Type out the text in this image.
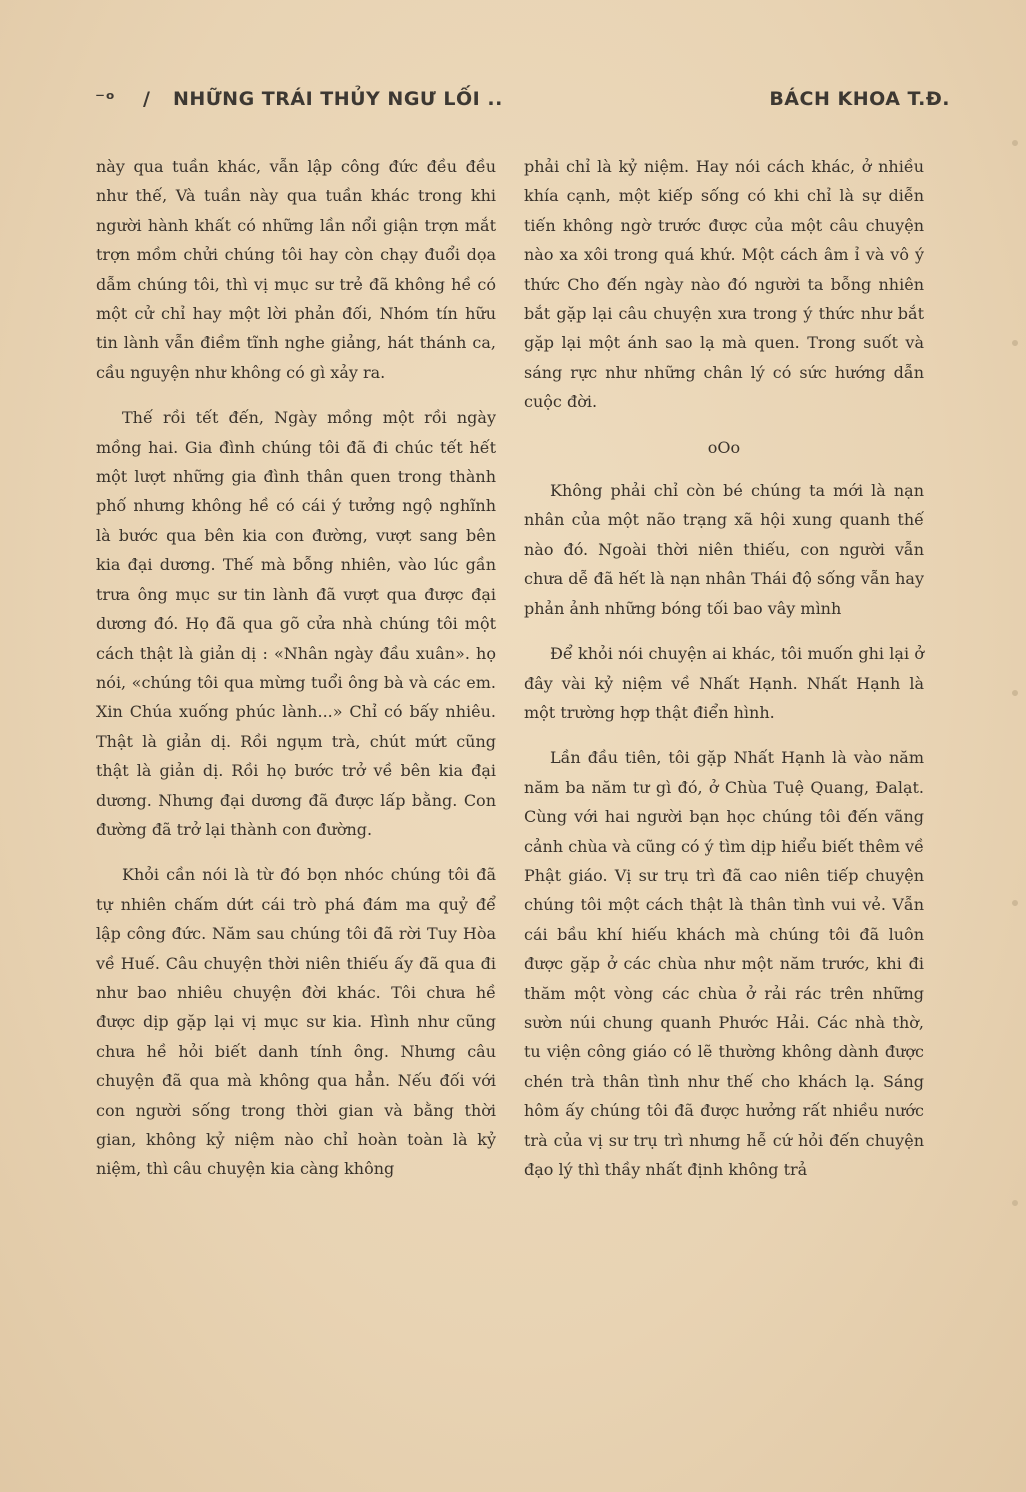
⁻ᵒ / NHỮNG TRÁI THỦY NGƯ LỐI ..	BÁCH KHOA T.Đ.

này qua tuần khác, vẫn lập công đức đều đều như thế, Và tuần này qua tuần khác trong khi người hành khất có những lần nổi giận trợn mắt trợn mồm chửi chúng tôi hay còn chạy đuổi dọa dẫm chúng tôi, thì vị mục sư trẻ đã không hề có một cử chỉ hay một lời phản đối, Nhóm tín hữu tin lành vẫn điềm tĩnh nghe giảng, hát thánh ca, cầu nguyện như không có gì xảy ra.

Thế rồi tết đến, Ngày mồng một rồi ngày mồng hai. Gia đình chúng tôi đã đi chúc tết hết một lượt những gia đình thân quen trong thành phố nhưng không hề có cái ý tưởng ngộ nghĩnh là bước qua bên kia con đường, vượt sang bên kia đại dương. Thế mà bỗng nhiên, vào lúc gần trưa ông mục sư tin lành đã vượt qua được đại dương đó. Họ đã qua gõ cửa nhà chúng tôi một cách thật là giản dị : «Nhân ngày đầu xuân». họ nói, «chúng tôi qua mừng tuổi ông bà và các em. Xin Chúa xuống phúc lành...» Chỉ có bấy nhiêu. Thật là giản dị. Rồi ngụm trà, chút mứt cũng thật là giản dị. Rồi họ bước trở về bên kia đại dương. Nhưng đại dương đã được lấp bằng. Con đường đã trở lại thành con đường.

Khỏi cần nói là từ đó bọn nhóc chúng tôi đã tự nhiên chấm dứt cái trò phá đám ma quỷ để lập công đức. Năm sau chúng tôi đã rời Tuy Hòa về Huế. Câu chuyện thời niên thiếu ấy đã qua đi như bao nhiêu chuyện đời khác. Tôi chưa hề được dịp gặp lại vị mục sư kia. Hình như cũng chưa hề hỏi biết danh tính ông. Nhưng câu chuyện đã qua mà không qua hẳn. Nếu đối với con người sống trong thời gian và bằng thời gian, không kỷ niệm nào chỉ hoàn toàn là kỷ niệm, thì câu chuyện kia càng không

phải chỉ là kỷ niệm. Hay nói cách khác, ở nhiều khía cạnh, một kiếp sống có khi chỉ là sự diễn tiến không ngờ trước được của một câu chuyện nào xa xôi trong quá khứ. Một cách âm ỉ và vô ý thức Cho đến ngày nào đó người ta bỗng nhiên bắt gặp lại câu chuyện xưa trong ý thức như bắt gặp lại một ánh sao lạ mà quen. Trong suốt và sáng rực như những chân lý có sức hướng dẫn cuộc đời.

oOo

Không phải chỉ còn bé chúng ta mới là nạn nhân của một não trạng xã hội xung quanh thế nào đó. Ngoài thời niên thiếu, con người vẫn chưa dễ đã hết là nạn nhân Thái độ sống vẫn hay phản ảnh những bóng tối bao vây mình

Để khỏi nói chuyện ai khác, tôi muốn ghi lại ở đây vài kỷ niệm về Nhất Hạnh. Nhất Hạnh là một trường hợp thật điển hình.

Lần đầu tiên, tôi gặp Nhất Hạnh là vào năm năm ba năm tư gì đó, ở Chùa Tuệ Quang, Đalạt. Cùng với hai người bạn học chúng tôi đến vãng cảnh chùa và cũng có ý tìm dịp hiểu biết thêm về Phật giáo. Vị sư trụ trì đã cao niên tiếp chuyện chúng tôi một cách thật là thân tình vui vẻ. Vẫn cái bầu khí hiếu khách mà chúng tôi đã luôn được gặp ở các chùa như một năm trước, khi đi thăm một vòng các chùa ở rải rác trên những sườn núi chung quanh Phước Hải. Các nhà thờ, tu viện công giáo có lẽ thường không dành được chén trà thân tình như thế cho khách lạ. Sáng hôm ấy chúng tôi đã được hưởng rất nhiều nước trà của vị sư trụ trì nhưng hễ cứ hỏi đến chuyện đạo lý thì thầy nhất định không trả
